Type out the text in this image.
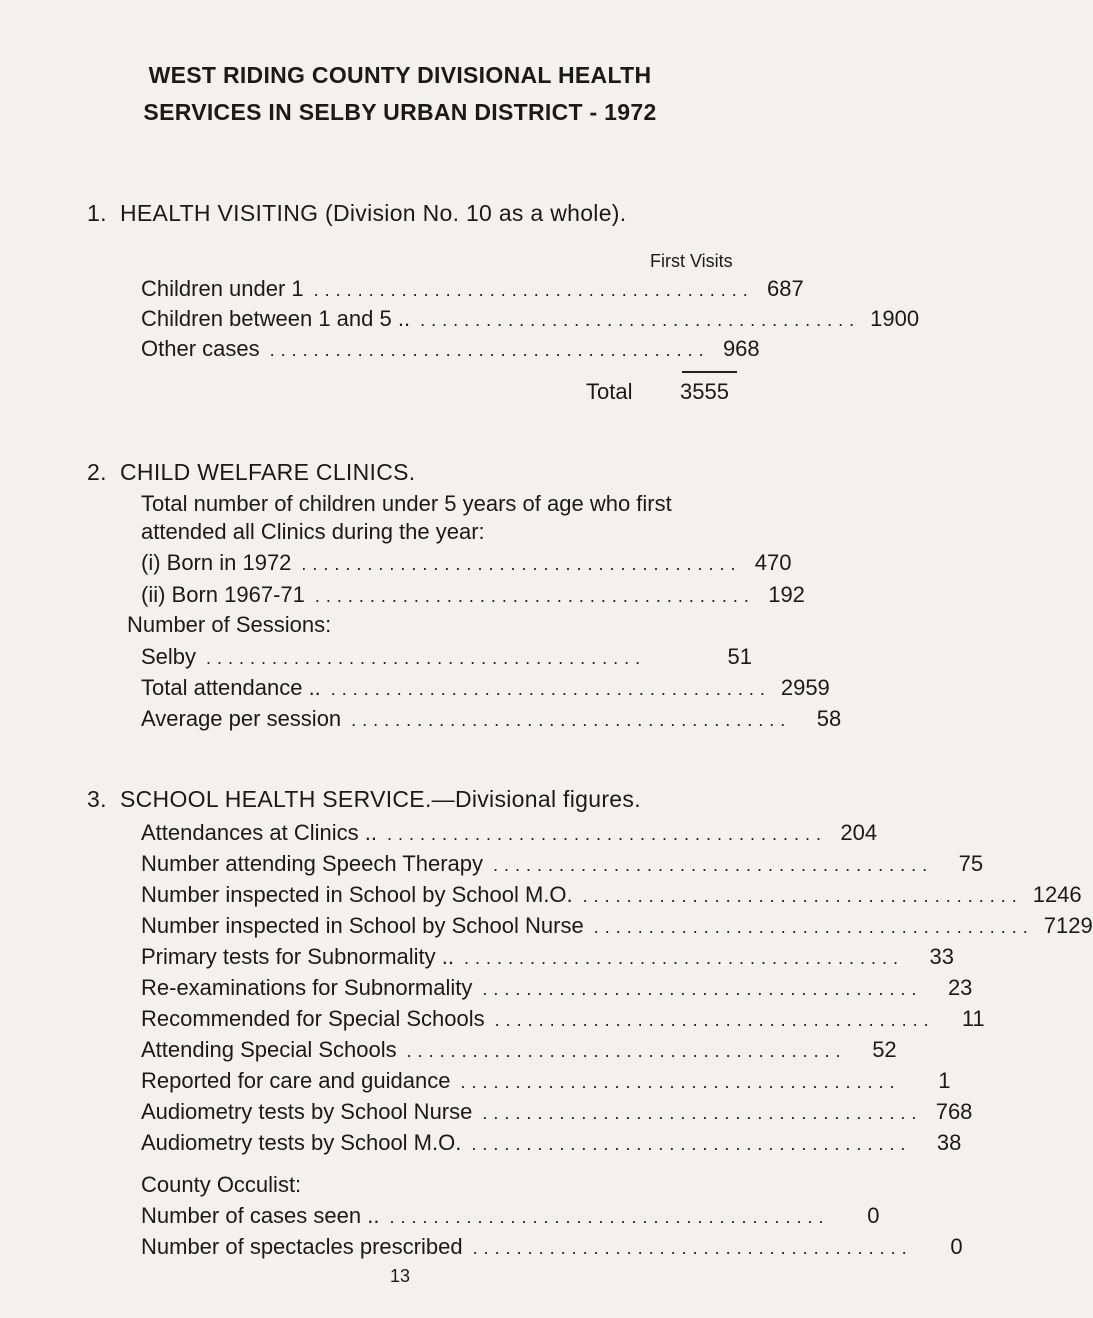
WEST RIDING COUNTY DIVISIONAL HEALTH
SERVICES IN SELBY URBAN DISTRICT - 1972
1. HEALTH VISITING (Division No. 10 as a whole).
First Visits
Children under 1 ........................................ 687
Children between 1 and 5 .. ........................................ 1900
Other cases ........................................ 968
Total 3555
2. CHILD WELFARE CLINICS.
Total number of children under 5 years of age who first
attended all Clinics during the year:
(i) Born in 1972 ........................................ 470
(ii) Born 1967-71 ........................................ 192
Number of Sessions:
Selby ........................................	51
Total attendance .. ........................................ 2959
Average per session ........................................	58
3. SCHOOL HEALTH SERVICE.—Divisional figures.
Attendances at Clinics .. ........................................ 204
Number attending Speech Therapy ........................................	75
Number inspected in School by School M.O. ........................................ 1246
Number inspected in School by School Nurse ........................................ 7129
Primary tests for Subnormality .. ........................................	33
Re-examinations for Subnormality ........................................	23
Recommended for Special Schools ........................................	11
Attending Special Schools ........................................	52
Reported for care and guidance ........................................	1
Audiometry tests by School Nurse ........................................ 768
Audiometry tests by School M.O. ........................................	38
County Occulist:
Number of cases seen .. ........................................	0
Number of spectacles prescribed ........................................	0
13
